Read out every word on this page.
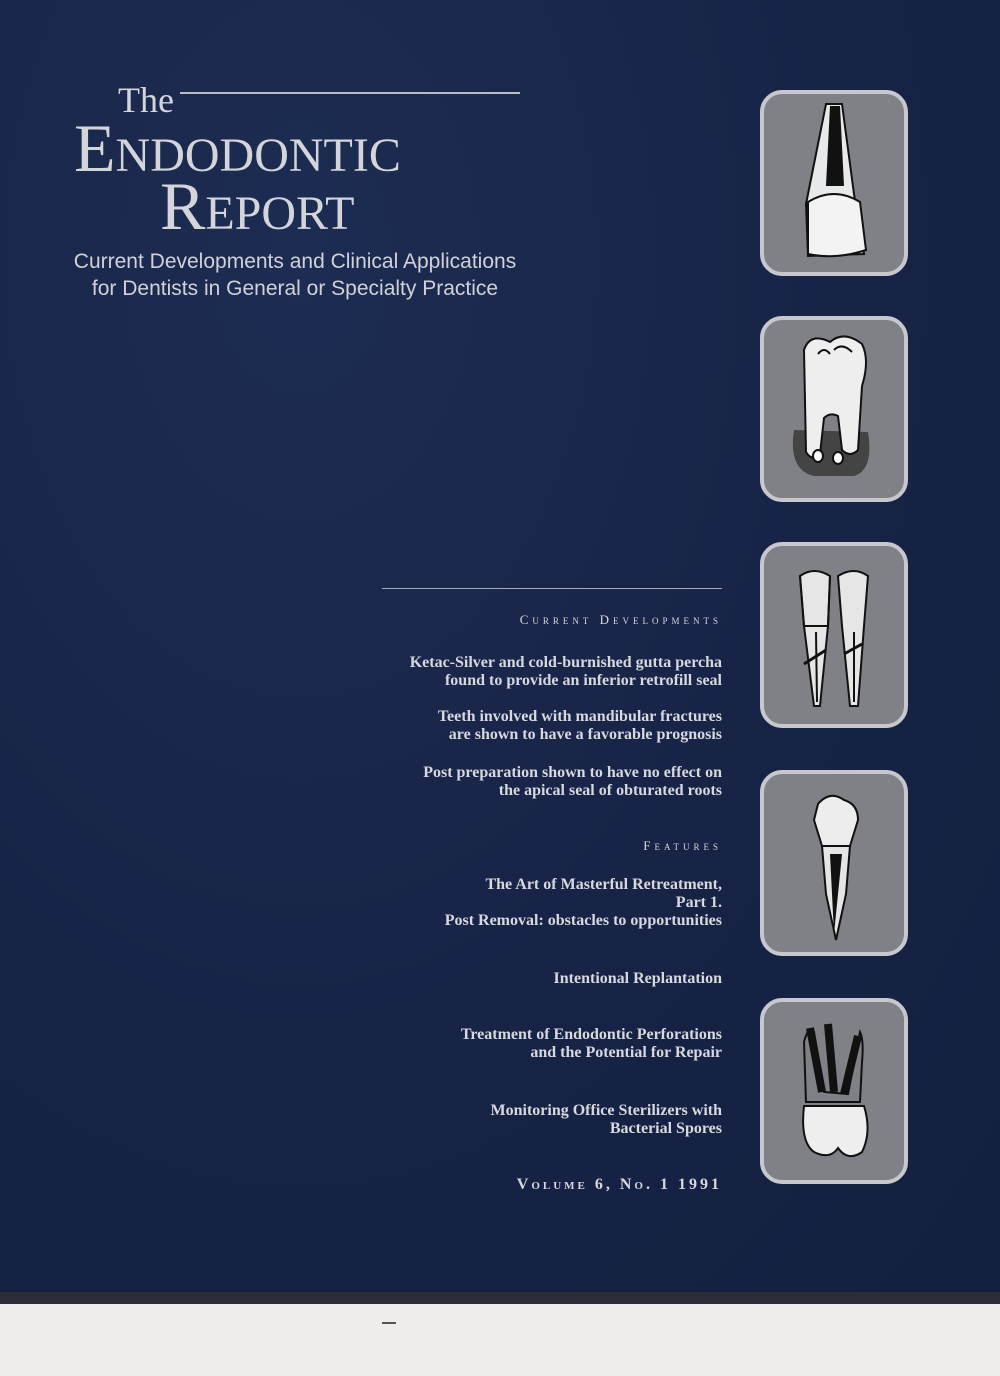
The
Endodontic
Report
Current Developments and Clinical Applications
for Dentists in General or Specialty Practice
Current Developments
Ketac-Silver and cold-burnished gutta percha
found to provide an inferior retrofill seal
Teeth involved with mandibular fractures
are shown to have a favorable prognosis
Post preparation shown to have no effect on
the apical seal of obturated roots
Features
The Art of Masterful Retreatment,
Part 1.
Post Removal: obstacles to opportunities
Intentional Replantation
Treatment of Endodontic Perforations
and the Potential for Repair
Monitoring Office Sterilizers with
Bacterial Spores
Volume 6, No. 1 1991
